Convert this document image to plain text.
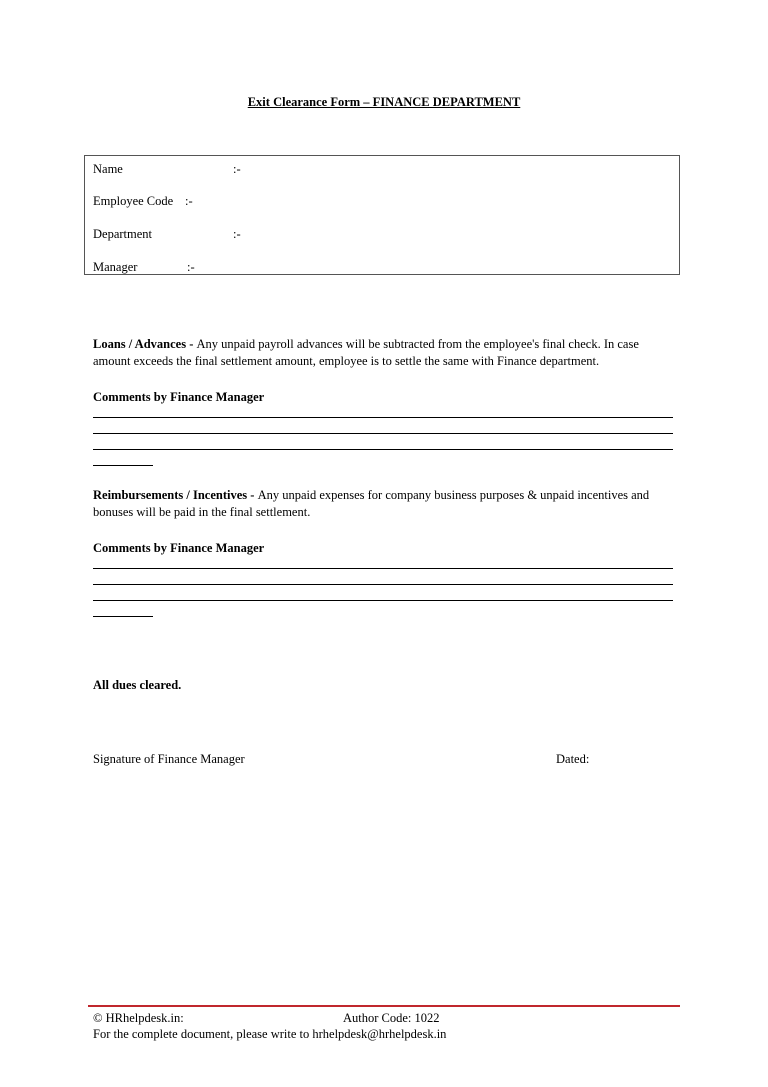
Exit Clearance Form – FINANCE DEPARTMENT
Name	:-
Employee Code :-
Department	:-
Manager	:-
Loans / Advances - Any unpaid payroll advances will be subtracted from the employee's final check. In case amount exceeds the final settlement amount, employee is to settle the same with Finance department.
Comments by Finance Manager

Reimbursements / Incentives - Any unpaid expenses for company business purposes & unpaid incentives and bonuses will be paid in the final settlement.
Comments by Finance Manager

All dues cleared.
Signature of Finance Manager	Dated:
© HRhelpdesk.in:	Author Code: 1022
For the complete document, please write to hrhelpdesk@hrhelpdesk.in
